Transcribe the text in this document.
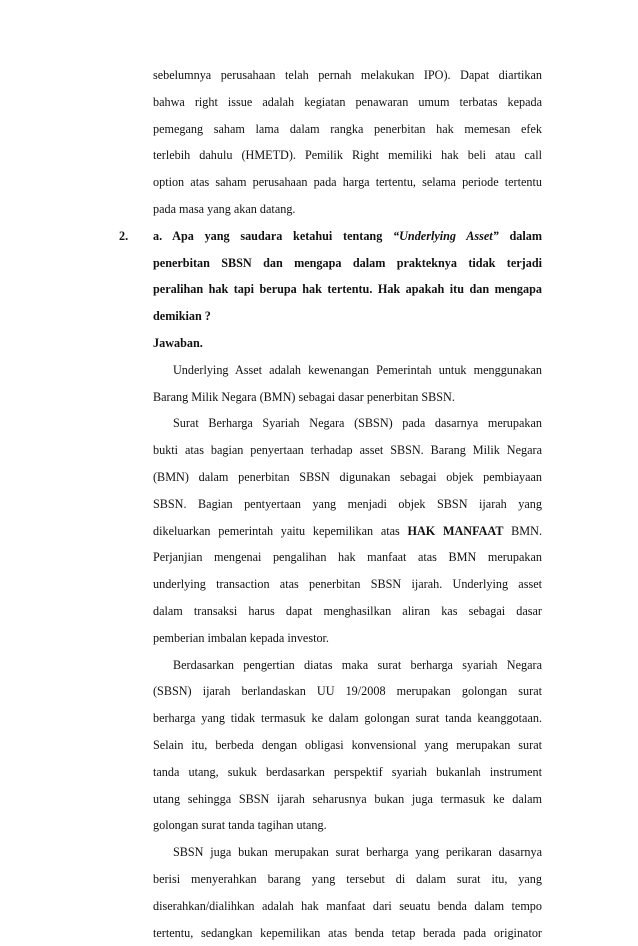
sebelumnya perusahaan telah pernah melakukan IPO). Dapat diartikan
bahwa right issue adalah kegiatan penawaran umum terbatas kepada
pemegang saham lama dalam rangka penerbitan hak memesan efek
terlebih dahulu (HMETD). Pemilik Right memiliki hak beli atau call
option atas saham perusahaan pada harga tertentu, selama periode tertentu
pada masa yang akan datang.
2. a. Apa yang saudara ketahui tentang “Underlying Asset” dalam
penerbitan SBSN dan mengapa dalam prakteknya tidak terjadi
peralihan hak tapi berupa hak tertentu. Hak apakah itu dan mengapa
demikian ?
Jawaban.
Underlying Asset adalah kewenangan Pemerintah untuk menggunakan
Barang Milik Negara (BMN) sebagai dasar penerbitan SBSN.
Surat Berharga Syariah Negara (SBSN) pada dasarnya merupakan
bukti atas bagian penyertaan terhadap asset SBSN. Barang Milik Negara
(BMN) dalam penerbitan SBSN digunakan sebagai objek pembiayaan
SBSN. Bagian pentyertaan yang menjadi objek SBSN ijarah yang
dikeluarkan pemerintah yaitu kepemilikan atas HAK MANFAAT BMN.
Perjanjian mengenai pengalihan hak manfaat atas BMN merupakan
underlying transaction atas penerbitan SBSN ijarah. Underlying asset
dalam transaksi harus dapat menghasilkan aliran kas sebagai dasar
pemberian imbalan kepada investor.
Berdasarkan pengertian diatas maka surat berharga syariah Negara
(SBSN) ijarah berlandaskan UU 19/2008 merupakan golongan surat
berharga yang tidak termasuk ke dalam golongan surat tanda keanggotaan.
Selain itu, berbeda dengan obligasi konvensional yang merupakan surat
tanda utang, sukuk berdasarkan perspektif syariah bukanlah instrument
utang sehingga SBSN ijarah seharusnya bukan juga termasuk ke dalam
golongan surat tanda tagihan utang.
SBSN juga bukan merupakan surat berharga yang perikaran dasarnya
berisi menyerahkan barang yang tersebut di dalam surat itu, yang
diserahkan/dialihkan adalah hak manfaat dari seuatu benda dalam tempo
tertentu, sedangkan kepemilikan atas benda tetap berada pada originator
